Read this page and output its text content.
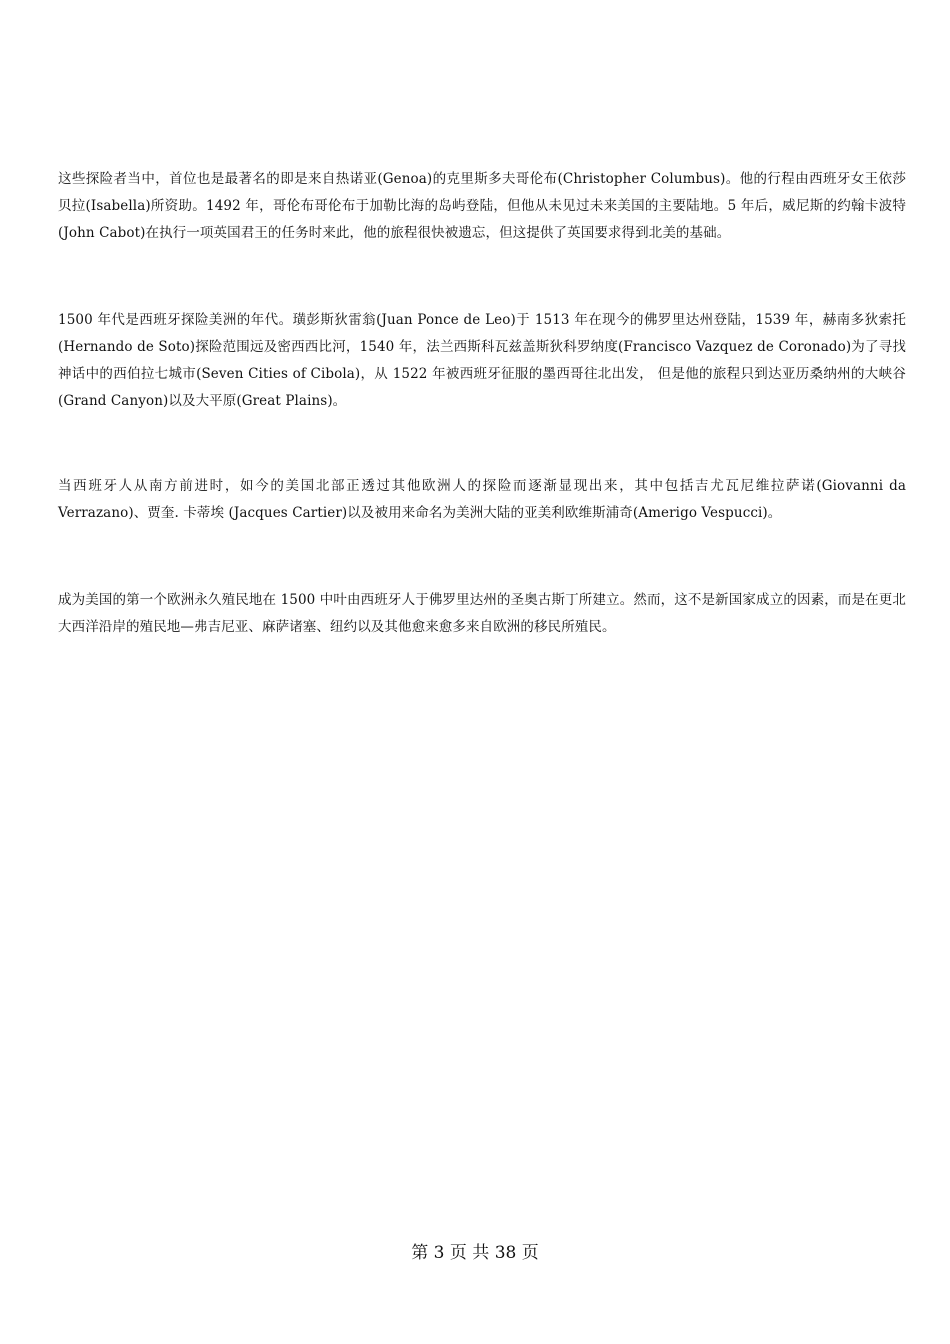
这些探险者当中，首位也是最著名的即是来自热诺亚(Genoa)的克里斯多夫哥伦布(Christopher Columbus)。他的行程由西班牙女王依莎贝拉(Isabella)所资助。1492 年，哥伦布哥伦布于加勒比海的岛屿登陆，但他从未见过未来美国的主要陆地。5 年后，威尼斯的约翰卡波特(John Cabot)在执行一项英国君王的任务时来此，他的旅程很快被遗忘，但这提供了英国要求得到北美的基础。

1500 年代是西班牙探险美洲的年代。璜彭斯狄雷翁(Juan Ponce de Leo)于 1513 年在现今的佛罗里达州登陆，1539 年，赫南多狄索托(Hernando de Soto)探险范围远及密西西比河，1540 年，法兰西斯科瓦兹盖斯狄科罗纳度(Francisco Vazquez de Coronado)为了寻找神话中的西伯拉七城市(Seven Cities of Cibola)，从 1522 年被西班牙征服的墨西哥往北出发， 但是他的旅程只到达亚历桑纳州的大峡谷(Grand Canyon)以及大平原(Great Plains)。

当西班牙人从南方前进时，如今的美国北部正透过其他欧洲人的探险而逐渐显现出来，其中包括吉尤瓦尼维拉萨诺(Giovanni da Verrazano)、贾奎. 卡蒂埃 (Jacques Cartier)以及被用来命名为美洲大陆的亚美利欧维斯浦奇(Amerigo Vespucci)。

成为美国的第一个欧洲永久殖民地在 1500 中叶由西班牙人于佛罗里达州的圣奥古斯丁所建立。然而，这不是新国家成立的因素，而是在更北大西洋沿岸的殖民地—弗吉尼亚、麻萨诸塞、纽约以及其他愈来愈多来自欧洲的移民所殖民。

第 3 页 共 38 页
